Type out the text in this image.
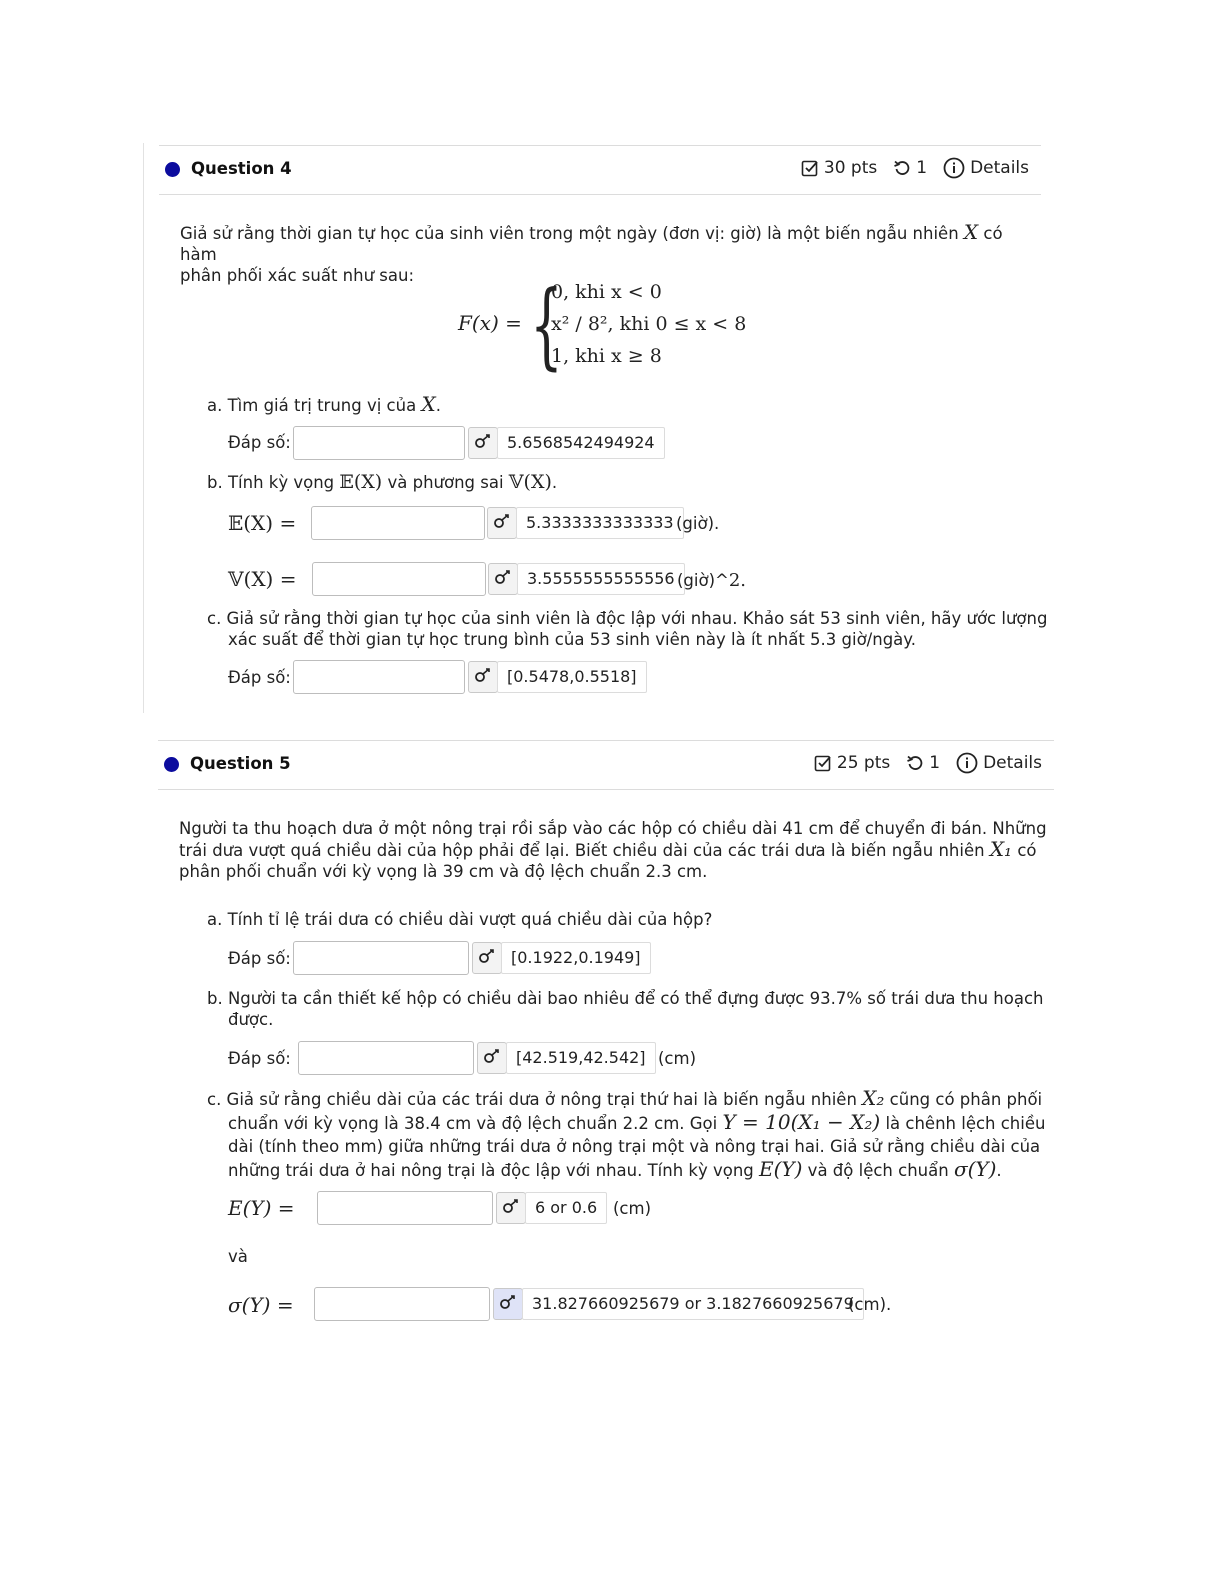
Question 4	30 pts 1	Details
Giả sử rằng thời gian tự học của sinh viên trong một ngày (đơn vị: giờ) là một biến ngẫu nhiên X có hàm
phân phối xác suất như sau:
F(x) = {
0, khi x < 0
x² / 8², khi 0 ≤ x < 8
1, khi x ≥ 8
a. Tìm giá trị trung vị của X.
Đáp số:	5.6568542494924
b. Tính kỳ vọng 𝔼(X) và phương sai 𝕍(X).
𝔼(X) =	5.3333333333333 (giờ).
𝕍(X) =	3.5555555555556 (giờ)^2.
c. Giả sử rằng thời gian tự học của sinh viên là độc lập với nhau. Khảo sát 53 sinh viên, hãy ước lượng
xác suất để thời gian tự học trung bình của 53 sinh viên này là ít nhất 5.3 giờ/ngày.
Đáp số:	[0.5478,0.5518]
Question 5	25 pts 1	Details
Người ta thu hoạch dưa ở một nông trại rồi sắp vào các hộp có chiều dài 41 cm để chuyển đi bán. Những
trái dưa vượt quá chiều dài của hộp phải để lại. Biết chiều dài của các trái dưa là biến ngẫu nhiên X₁ có
phân phối chuẩn với kỳ vọng là 39 cm và độ lệch chuẩn 2.3 cm.
a. Tính tỉ lệ trái dưa có chiều dài vượt quá chiều dài của hộp?
Đáp số:	[0.1922,0.1949]
b. Người ta cần thiết kế hộp có chiều dài bao nhiêu để có thể đựng được 93.7% số trái dưa thu hoạch
được.
Đáp số:	[42.519,42.542] (cm)
c. Giả sử rằng chiều dài của các trái dưa ở nông trại thứ hai là biến ngẫu nhiên X₂ cũng có phân phối
chuẩn với kỳ vọng là 38.4 cm và độ lệch chuẩn 2.2 cm. Gọi Y = 10(X₁ − X₂) là chênh lệch chiều
dài (tính theo mm) giữa những trái dưa ở nông trại một và nông trại hai. Giả sử rằng chiều dài của
những trái dưa ở hai nông trại là độc lập với nhau. Tính kỳ vọng E(Y) và độ lệch chuẩn σ(Y).
E(Y) =	6 or 0.6 (cm)
và
σ(Y) =	31.827660925679 or 3.1827660925679
(cm).
